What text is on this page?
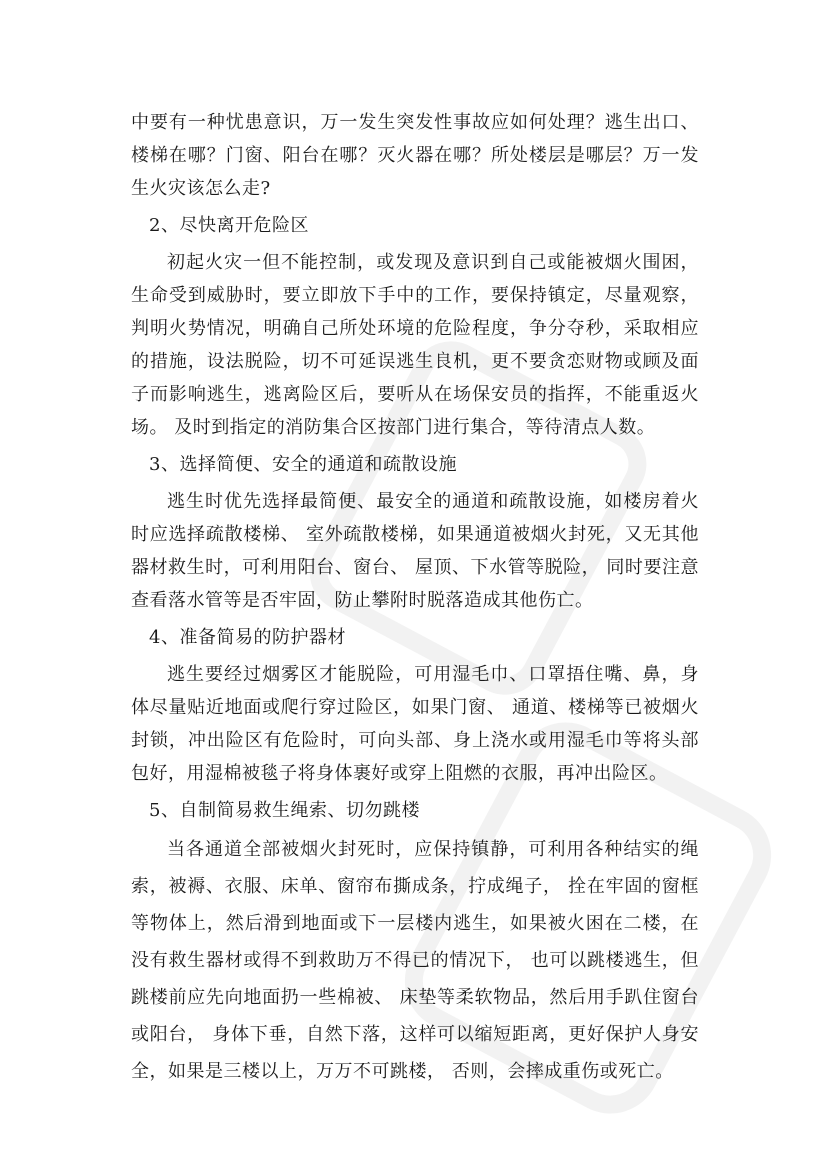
中要有一种忧患意识，万一发生突发性事故应如何处理？逃生出口、楼梯在哪？门窗、阳台在哪？灭火器在哪？所处楼层是哪层？万一发生火灾该怎么走?

2、尽快离开危险区

初起火灾一但不能控制，或发现及意识到自己或能被烟火围困，生命受到威胁时，要立即放下手中的工作，要保持镇定，尽量观察，判明火势情况，明确自己所处环境的危险程度，争分夺秒，采取相应的措施，设法脱险，切不可延误逃生良机，更不要贪恋财物或顾及面子而影响逃生，逃离险区后，要听从在场保安员的指挥，不能重返火场。 及时到指定的消防集合区按部门进行集合，等待清点人数。

3、选择简便、安全的通道和疏散设施

逃生时优先选择最简便、最安全的通道和疏散设施，如楼房着火时应选择疏散楼梯、 室外疏散楼梯，如果通道被烟火封死，又无其他器材救生时，可利用阳台、窗台、 屋顶、下水管等脱险， 同时要注意查看落水管等是否牢固，防止攀附时脱落造成其他伤亡。

4、准备简易的防护器材

逃生要经过烟雾区才能脱险，可用湿毛巾、口罩捂住嘴、鼻，身体尽量贴近地面或爬行穿过险区，如果门窗、 通道、楼梯等已被烟火封锁，冲出险区有危险时，可向头部、身上浇水或用湿毛巾等将头部包好，用湿棉被毯子将身体裹好或穿上阻燃的衣服，再冲出险区。

5、自制简易救生绳索、切勿跳楼

当各通道全部被烟火封死时，应保持镇静，可利用各种结实的绳索，被褥、衣服、床单、窗帘布撕成条，拧成绳子， 拴在牢固的窗框等物体上，然后滑到地面或下一层楼内逃生，如果被火困在二楼，在没有救生器材或得不到救助万不得已的情况下， 也可以跳楼逃生，但跳楼前应先向地面扔一些棉被、 床垫等柔软物品，然后用手趴住窗台或阳台， 身体下垂，自然下落，这样可以缩短距离，更好保护人身安全，如果是三楼以上，万万不可跳楼， 否则，会摔成重伤或死亡。
